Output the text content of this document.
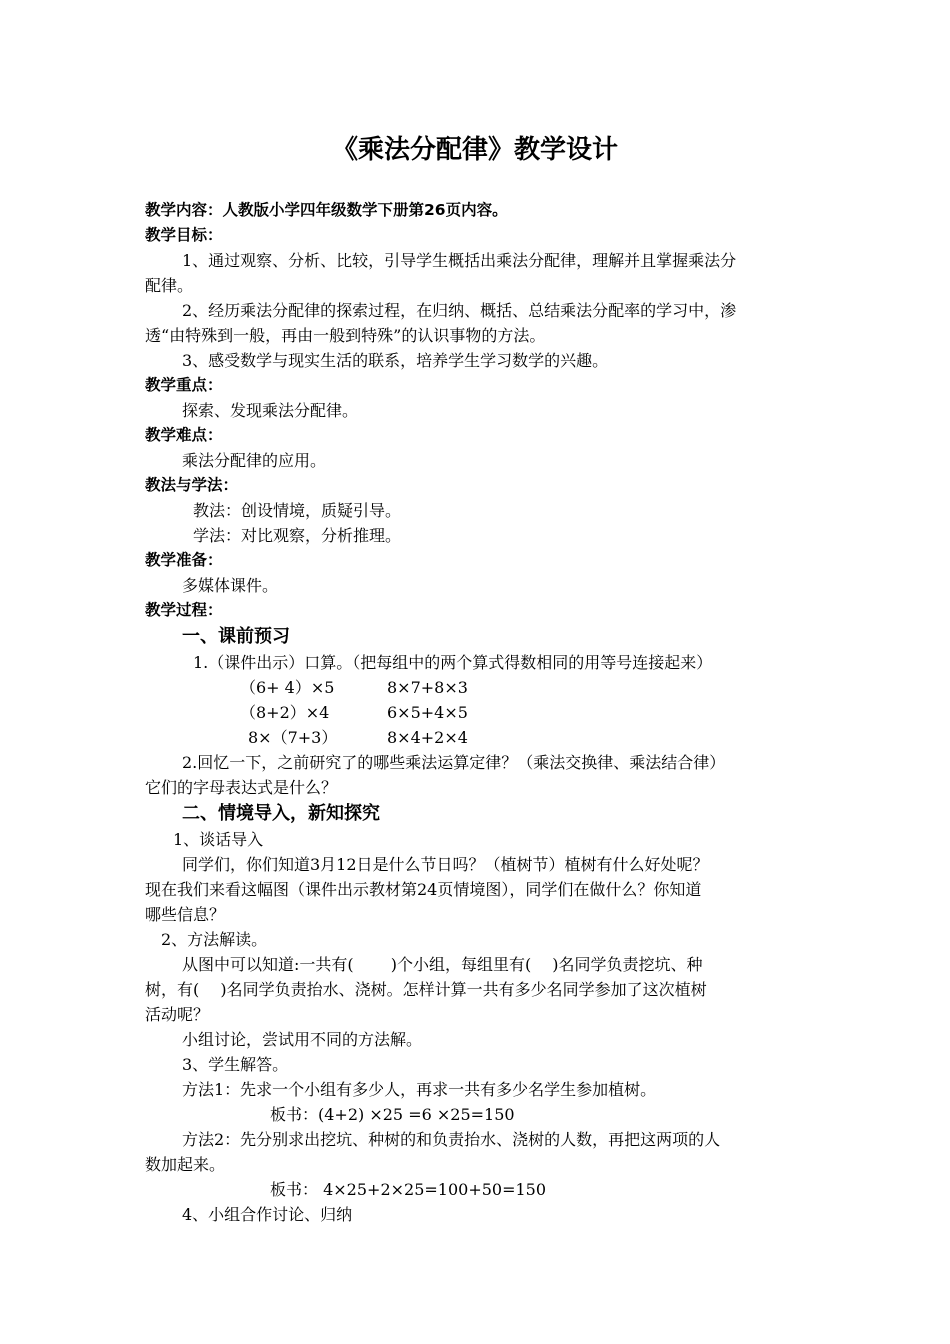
《乘法分配律》教学设计
教学内容：人教版小学四年级数学下册第26页内容。
教学目标：
1、通过观察、分析、比较，引导学生概括出乘法分配律，理解并且掌握乘法分
配律。
2、经历乘法分配律的探索过程，在归纳、概括、总结乘法分配率的学习中，渗
透“由特殊到一般，再由一般到特殊”的认识事物的方法。
3、感受数学与现实生活的联系，培养学生学习数学的兴趣。
教学重点：
探索、发现乘法分配律。
教学难点：
乘法分配律的应用。
教法与学法：
教法：创设情境，质疑引导。
学法：对比观察，分析推理。
教学准备：
多媒体课件。
教学过程：
一、课前预习
1.（课件出示）口算。（把每组中的两个算式得数相同的用等号连接起来）
（6+ 4）×5	8×7+8×3
（8+2）×4	6×5+4×5
8×（7+3）	8×4+2×4
2.回忆一下，之前研究了的哪些乘法运算定律？（乘法交换律、乘法结合律）
它们的字母表达式是什么？
二、情境导入，新知探究
1、谈话导入
同学们，你们知道3月12日是什么节日吗？（植树节）植树有什么好处呢？
现在我们来看这幅图（课件出示教材第24页情境图），同学们在做什么？你知道
哪些信息？
2、方法解读。
从图中可以知道:一共有(　　 )个小组，每组里有(　 )名同学负责挖坑、种
树，有(　 )名同学负责抬水、浇树。怎样计算一共有多少名同学参加了这次植树
活动呢？
小组讨论，尝试用不同的方法解。
3、学生解答。
方法1：先求一个小组有多少人，再求一共有多少名学生参加植树。
板书：(4+2) ×25 =6 ×25=150
方法2：先分别求出挖坑、种树的和负责抬水、浇树的人数，再把这两项的人
数加起来。
板书： 4×25+2×25=100+50=150
4、小组合作讨论、归纳
